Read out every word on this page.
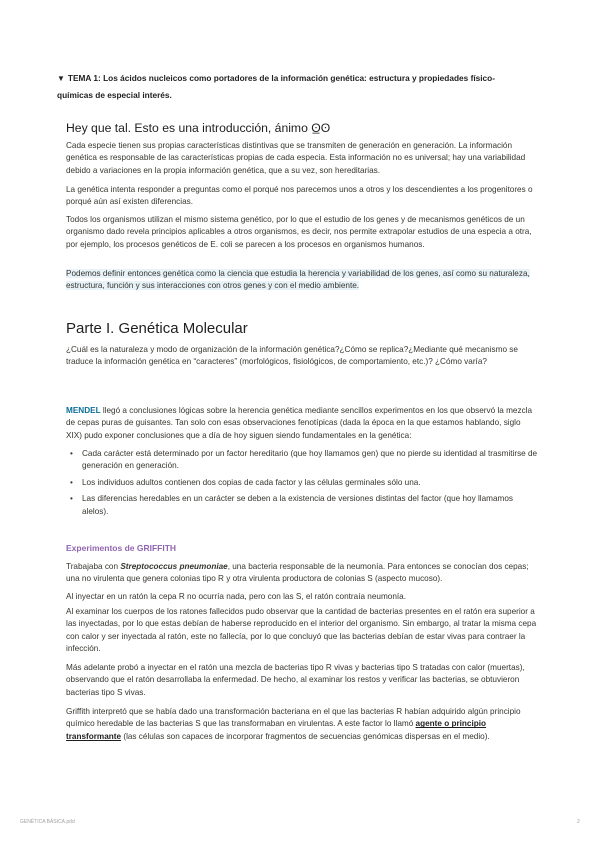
▼ TEMA 1: Los ácidos nucleicos como portadores de la información genética: estructura y propiedades físico-químicas de especial interés.
Hey que tal. Esto es una introducción, ánimo ʘ̲ʘ
Cada especie tienen sus propias características distintivas que se transmiten de generación en generación. La información genética es responsable de las características propias de cada especia. Esta información no es universal; hay una variabilidad debido a variaciones en la propia información genética, que a su vez, son hereditarias.
La genética intenta responder a preguntas como el porqué nos parecemos unos a otros y los descendientes a los progenitores o porqué aún así existen diferencias.
Todos los organismos utilizan el mismo sistema genético, por lo que el estudio de los genes y de mecanismos genéticos de un organismo dado revela principios aplicables a otros organismos, es decir, nos permite extrapolar estudios de una especia a otra, por ejemplo, los procesos genéticos de E. coli se parecen a los procesos en organismos humanos.
Podemos definir entonces genética como la ciencia que estudia la herencia y variabilidad de los genes, así como su naturaleza, estructura, función y sus interacciones con otros genes y con el medio ambiente.
Parte I. Genética Molecular
¿Cuál es la naturaleza y modo de organización de la información genética?¿Cómo se replica?¿Mediante qué mecanismo se traduce la información genética en “caracteres” (morfológicos, fisiológicos, de comportamiento, etc.)? ¿Cómo varía?
MENDEL llegó a conclusiones lógicas sobre la herencia genética mediante sencillos experimentos en los que observó la mezcla de cepas puras de guisantes. Tan solo con esas observaciones fenotípicas (dada la época en la que estamos hablando, siglo XIX) pudo exponer conclusiones que a día de hoy siguen siendo fundamentales en la genética:
• Cada carácter está determinado por un factor hereditario (que hoy llamamos gen) que no pierde su identidad al trasmitirse de generación en generación.
• Los individuos adultos contienen dos copias de cada factor y las células germinales sólo una.
• Las diferencias heredables en un carácter se deben a la existencia de versiones distintas del factor (que hoy llamamos alelos).
Experimentos de GRIFFITH
Trabajaba con Streptococcus pneumoniae, una bacteria responsable de la neumonía. Para entonces se conocían dos cepas; una no virulenta que genera colonias tipo R y otra virulenta productora de colonias S (aspecto mucoso).
Al inyectar en un ratón la cepa R no ocurría nada, pero con las S, el ratón contraía neumonía.
Al examinar los cuerpos de los ratones fallecidos pudo observar que la cantidad de bacterias presentes en el ratón era superior a las inyectadas, por lo que estas debían de haberse reproducido en el interior del organismo. Sin embargo, al tratar la misma cepa con calor y ser inyectada al ratón, este no fallecía, por lo que concluyó que las bacterias debían de estar vivas para contraer la infección.
Más adelante probó a inyectar en el ratón una mezcla de bacterias tipo R vivas y bacterias tipo S tratadas con calor (muertas), observando que el ratón desarrollaba la enfermedad. De hecho, al examinar los restos y verificar las bacterias, se obtuvieron bacterias tipo S vivas.
Griffith interpretó que se había dado una transformación bacteriana en el que las bacterias R habían adquirido algún principio químico heredable de las bacterias S que las transformaban en virulentas. A este factor lo llamó agente o principio transformante (las células son capaces de incorporar fragmentos de secuencias genómicas dispersas en el medio).
GENÉTICA BÁSICA.pdd	2
